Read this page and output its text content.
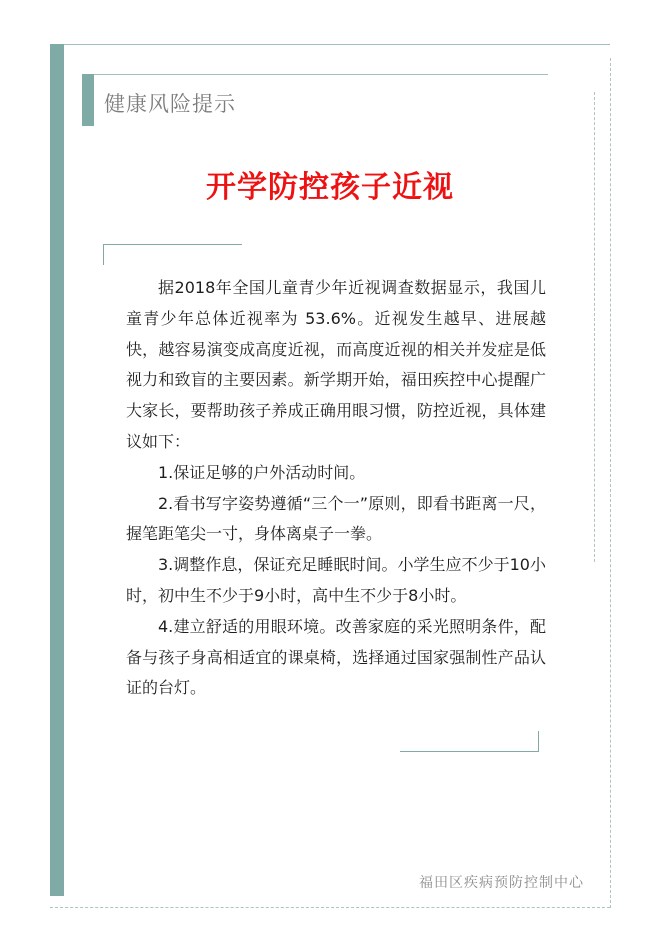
健康风险提示
开学防控孩子近视

据2018年全国儿童青少年近视调查数据显示，我国儿童青少年总体近视率为 53.6%。近视发生越早、进展越快，越容易演变成高度近视，而高度近视的相关并发症是低视力和致盲的主要因素。新学期开始，福田疾控中心提醒广大家长，要帮助孩子养成正确用眼习惯，防控近视，具体建议如下：

1.保证足够的户外活动时间。

2.看书写字姿势遵循“三个一”原则，即看书距离一尺，握笔距笔尖一寸，身体离桌子一拳。

3.调整作息，保证充足睡眠时间。小学生应不少于10小时，初中生不少于9小时，高中生不少于8小时。

4.建立舒适的用眼环境。改善家庭的采光照明条件，配备与孩子身高相适宜的课桌椅，选择通过国家强制性产品认证的台灯。

福田区疾病预防控制中心
